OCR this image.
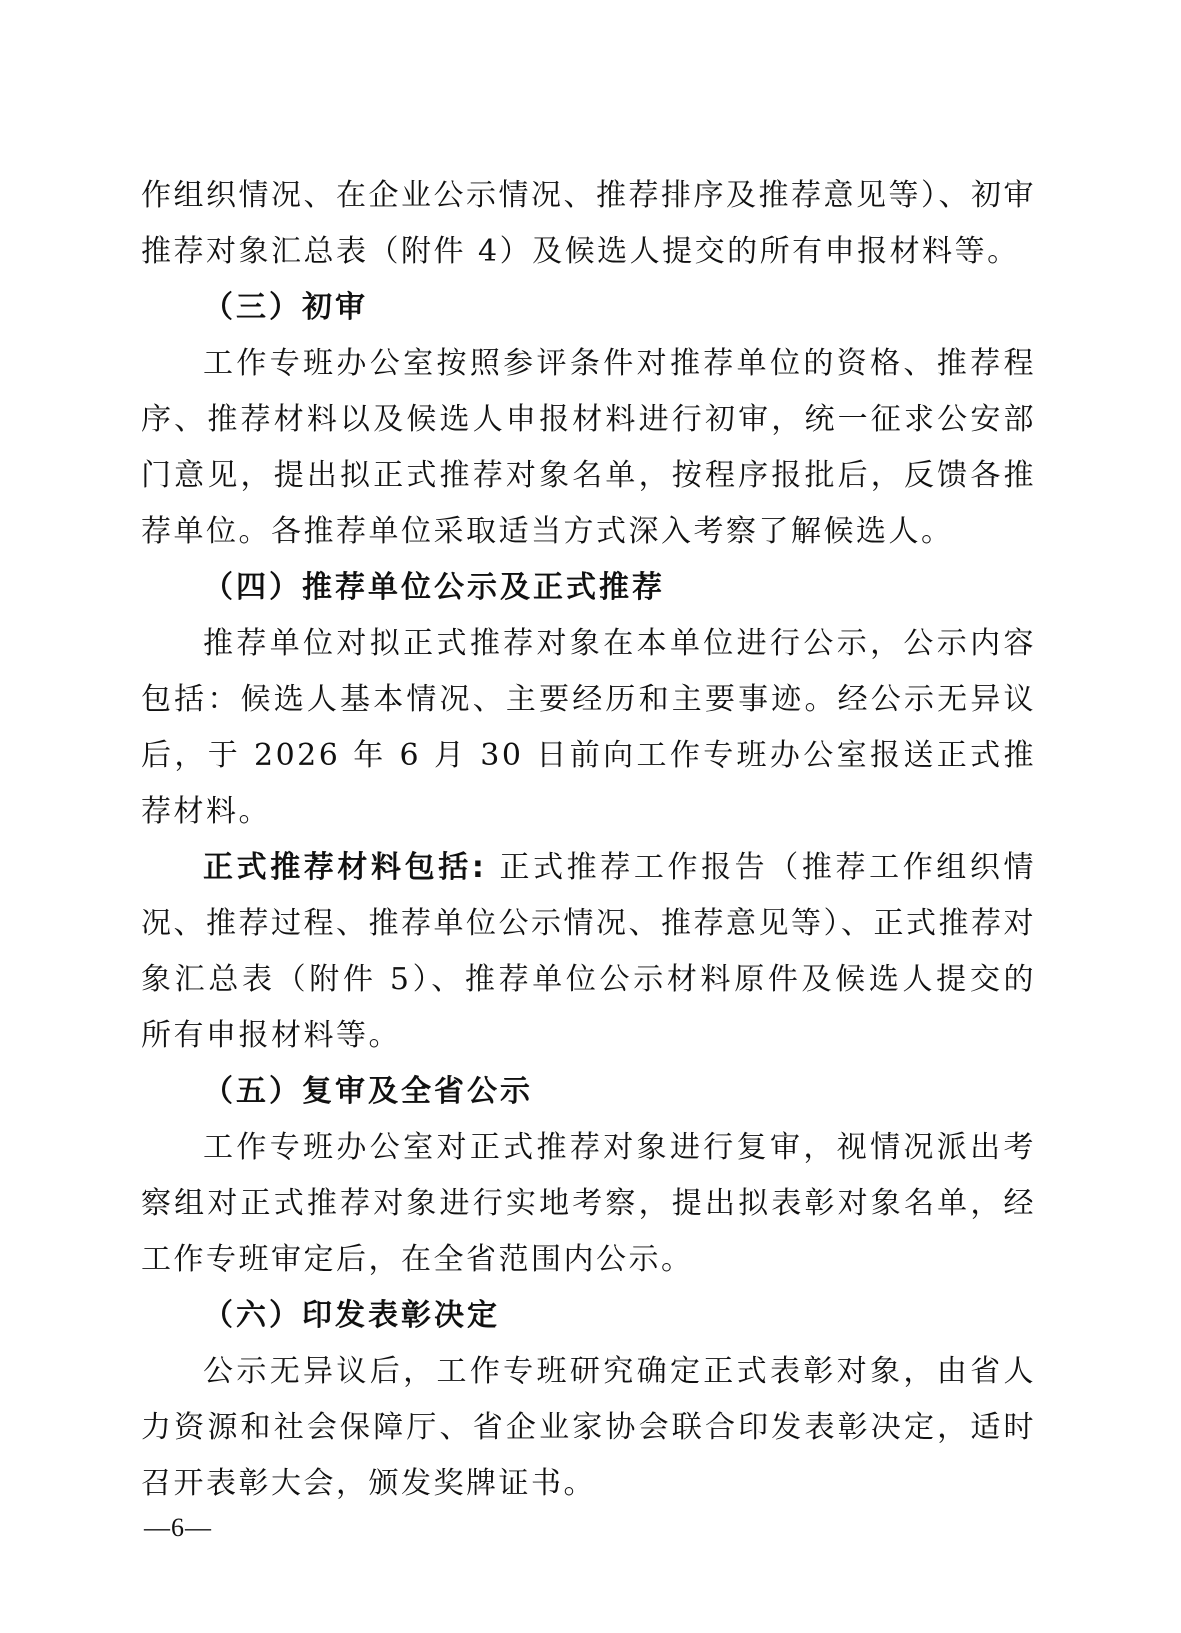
作组织情况、在企业公示情况、推荐排序及推荐意见等）、初审推荐对象汇总表（附件 4）及候选人提交的所有申报材料等。

（三）初审

工作专班办公室按照参评条件对推荐单位的资格、推荐程序、推荐材料以及候选人申报材料进行初审，统一征求公安部门意见，提出拟正式推荐对象名单，按程序报批后，反馈各推荐单位。各推荐单位采取适当方式深入考察了解候选人。

（四）推荐单位公示及正式推荐

推荐单位对拟正式推荐对象在本单位进行公示，公示内容包括：候选人基本情况、主要经历和主要事迹。经公示无异议后，于 2026 年 6 月 30 日前向工作专班办公室报送正式推荐材料。

正式推荐材料包括: 正式推荐工作报告（推荐工作组织情况、推荐过程、推荐单位公示情况、推荐意见等）、正式推荐对象汇总表（附件 5）、推荐单位公示材料原件及候选人提交的所有申报材料等。

（五）复审及全省公示

工作专班办公室对正式推荐对象进行复审，视情况派出考察组对正式推荐对象进行实地考察，提出拟表彰对象名单，经工作专班审定后，在全省范围内公示。

（六）印发表彰决定

公示无异议后，工作专班研究确定正式表彰对象，由省人力资源和社会保障厅、省企业家协会联合印发表彰决定，适时召开表彰大会，颁发奖牌证书。

—6—
